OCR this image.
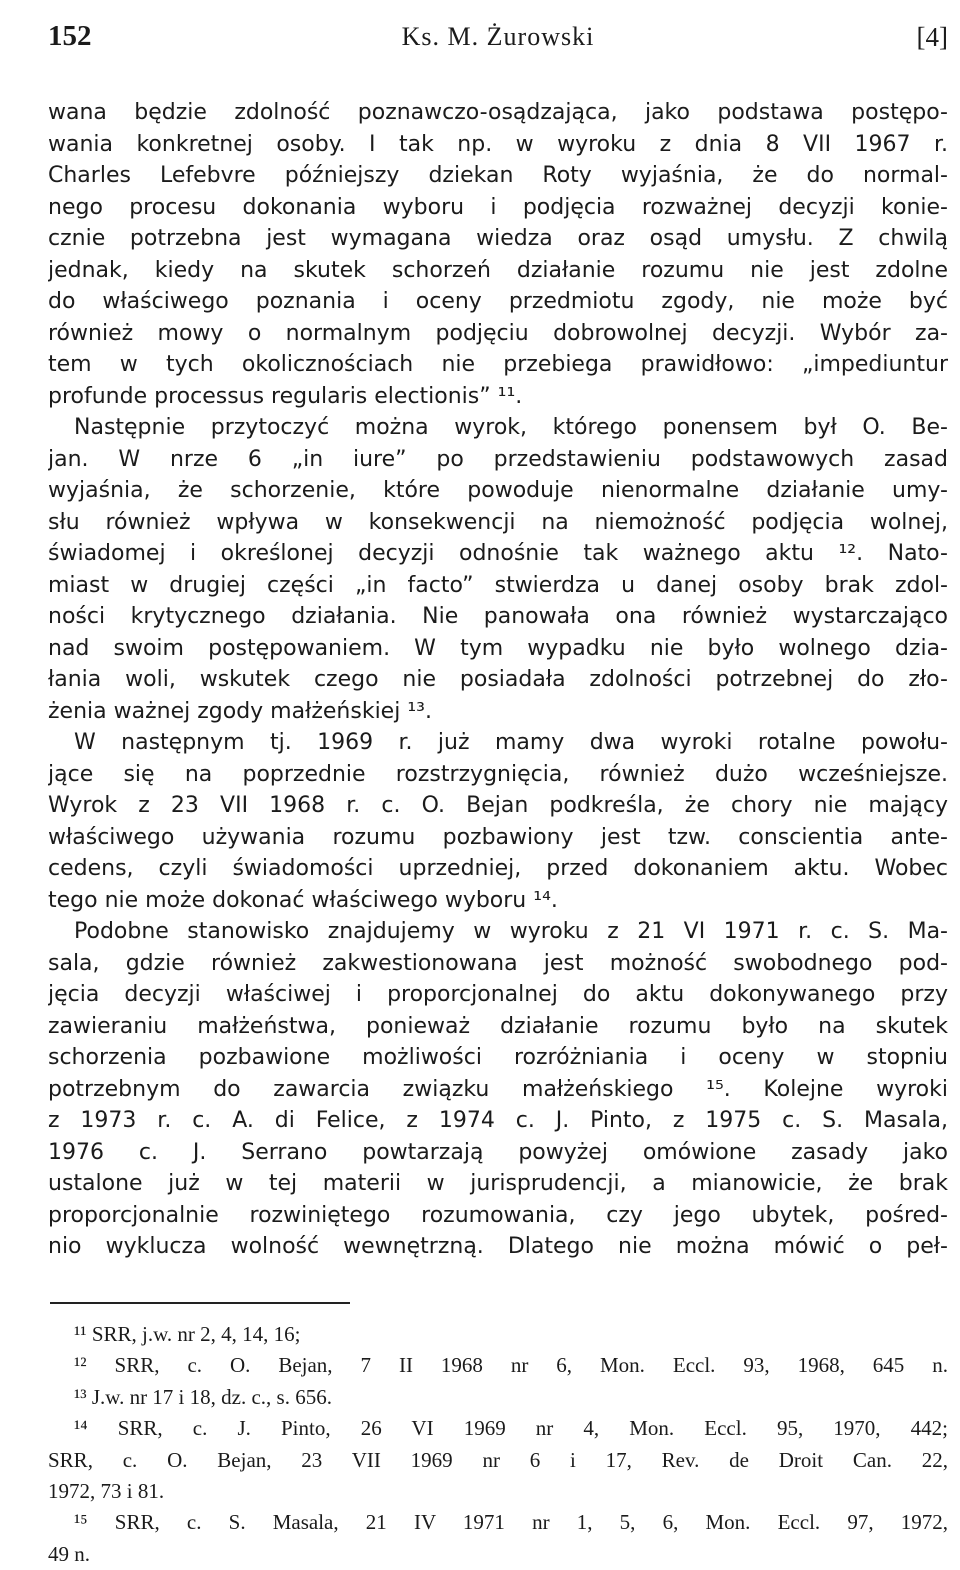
152	Ks. M. Żurowski	[4]
wana będzie zdolność poznawczo-osądzająca, jako podstawa postępo-
wania konkretnej osoby. I tak np. w wyroku z dnia 8 VII 1967 r.
Charles Lefebvre późniejszy dziekan Roty wyjaśnia, że do normal-
nego procesu dokonania wyboru i podjęcia rozważnej decyzji konie-
cznie potrzebna jest wymagana wiedza oraz osąd umysłu. Z chwilą
jednak, kiedy na skutek schorzeń działanie rozumu nie jest zdolne
do właściwego poznania i oceny przedmiotu zgody, nie może być
również mowy o normalnym podjęciu dobrowolnej decyzji. Wybór za-
tem w tych okolicznościach nie przebiega prawidłowo: „impediuntur
profunde processus regularis electionis” ¹¹.
Następnie przytoczyć można wyrok, którego ponensem był O. Be-
jan. W nrze 6 „in iure” po przedstawieniu podstawowych zasad
wyjaśnia, że schorzenie, które powoduje nienormalne działanie umy-
słu również wpływa w konsekwencji na niemożność podjęcia wolnej,
świadomej i określonej decyzji odnośnie tak ważnego aktu ¹². Nato-
miast w drugiej części „in facto” stwierdza u danej osoby brak zdol-
ności krytycznego działania. Nie panowała ona również wystarczająco
nad swoim postępowaniem. W tym wypadku nie było wolnego dzia-
łania woli, wskutek czego nie posiadała zdolności potrzebnej do zło-
żenia ważnej zgody małżeńskiej ¹³.
W następnym tj. 1969 r. już mamy dwa wyroki rotalne powołu-
jące się na poprzednie rozstrzygnięcia, również dużo wcześniejsze.
Wyrok z 23 VII 1968 r. c. O. Bejan podkreśla, że chory nie mający
właściwego używania rozumu pozbawiony jest tzw. conscientia ante-
cedens, czyli świadomości uprzedniej, przed dokonaniem aktu. Wobec
tego nie może dokonać właściwego wyboru ¹⁴.
Podobne stanowisko znajdujemy w wyroku z 21 VI 1971 r. c. S. Ma-
sala, gdzie również zakwestionowana jest możność swobodnego pod-
jęcia decyzji właściwej i proporcjonalnej do aktu dokonywanego przy
zawieraniu małżeństwa, ponieważ działanie rozumu było na skutek
schorzenia pozbawione możliwości rozróżniania i oceny w stopniu
potrzebnym do zawarcia związku małżeńskiego ¹⁵. Kolejne wyroki
z 1973 r. c. A. di Felice, z 1974 c. J. Pinto, z 1975 c. S. Masala,
1976 c. J. Serrano powtarzają powyżej omówione zasady jako
ustalone już w tej materii w jurisprudencji, a mianowicie, że brak
proporcjonalnie rozwiniętego rozumowania, czy jego ubytek, pośred-
nio wyklucza wolność wewnętrzną. Dlatego nie można mówić o peł-
¹¹ SRR, j.w. nr 2, 4, 14, 16;
¹² SRR, c. O. Bejan, 7 II 1968 nr 6, Mon. Eccl. 93, 1968, 645 n.
¹³ J.w. nr 17 i 18, dz. c., s. 656.
¹⁴ SRR, c. J. Pinto, 26 VI 1969 nr 4, Mon. Eccl. 95, 1970, 442;
SRR, c. O. Bejan, 23 VII 1969 nr 6 i 17, Rev. de Droit Can. 22,
1972, 73 i 81.
¹⁵ SRR, c. S. Masala, 21 IV 1971 nr 1, 5, 6, Mon. Eccl. 97, 1972,
49 n.
